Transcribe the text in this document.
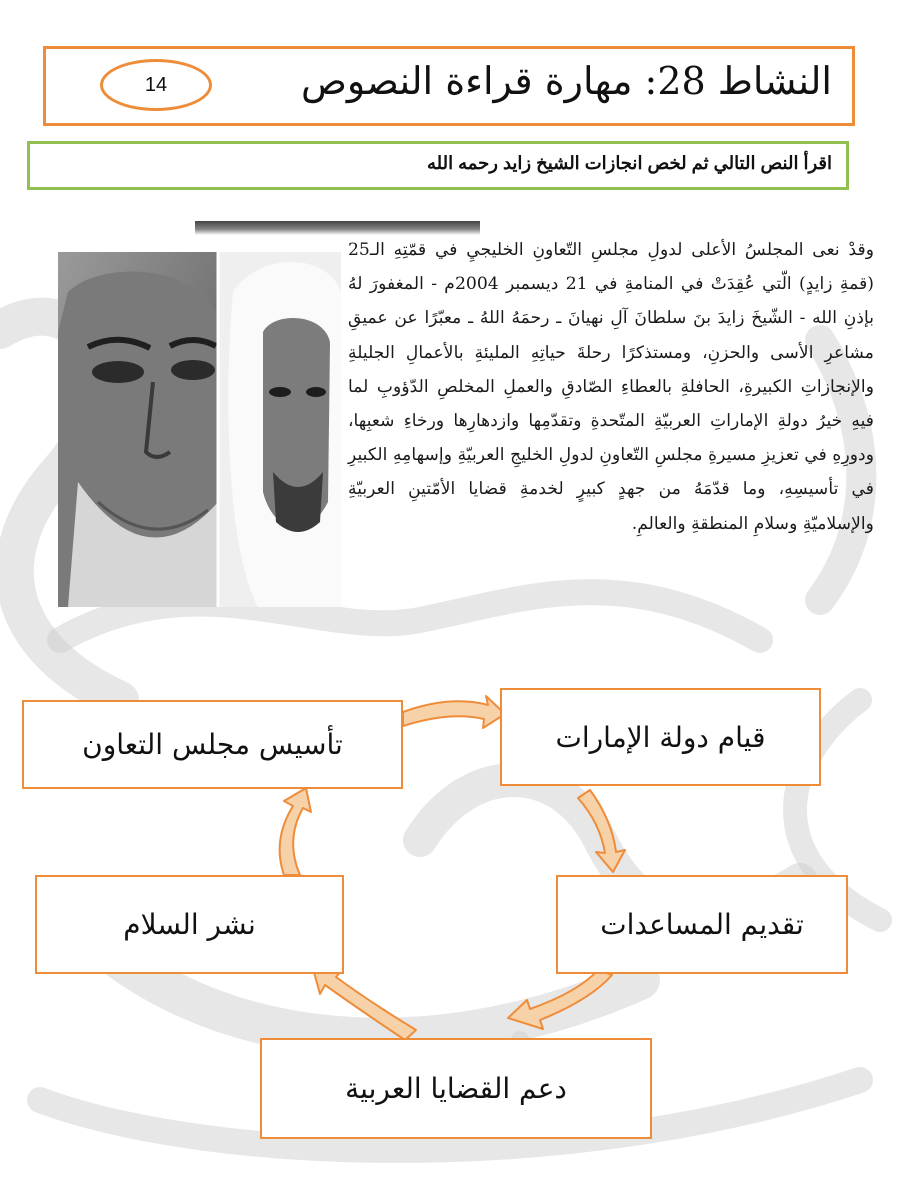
14	النشاط 28: مهارة قراءة النصوص
اقرأ النص التالي ثم لخص انجازات الشيخ زايد رحمه الله
وقدْ نعى المجلسُ الأعلى لدولِ مجلسِ التّعاونِ الخليجيِ في قمّتِهِ الـ25 (قمةِ زايدٍ) الّتي عُقِدَتْ في المنامةِ في 21 ديسمبر 2004م - المغفورَ لهُ بإذنِ الله - الشّيخَ زايدَ بنَ سلطانَ آلِ نهيانَ ـ رحمَهُ اللهُ ـ معبّرًا عن عميقِ مشاعرِ الأسى والحزنِ، ومستذكرًا رحلةَ حياتِهِ المليئةِ بالأعمالِ الجليلةِ والإنجازاتِ الكبيرةِ، الحافلةِ بالعطاءِ الصّادقِ والعملِ المخلصِ الدّؤوبِ لما فيهِ خيرُ دولةِ الإماراتِ العربيّةِ المتّحدةِ وتقدّمِها وازدهارِها ورخاءِ شعبِها، ودورِهِ في تعزيزِ مسيرةِ مجلسِ التّعاونِ لدولِ الخليجِ العربيّةِ وإسهامِهِ الكبيرِ في تأسيسِهِ، وما قدّمَهُ من جهدٍ كبيرٍ لخدمةِ قضايا الأمّتينِ العربيّةِ والإسلاميّةِ وسلامِ المنطقةِ والعالمِ.
تأسيس مجلس التعاون	قيام دولة الإمارات
تقديم المساعدات
نشر السلام
دعم القضايا العربية
